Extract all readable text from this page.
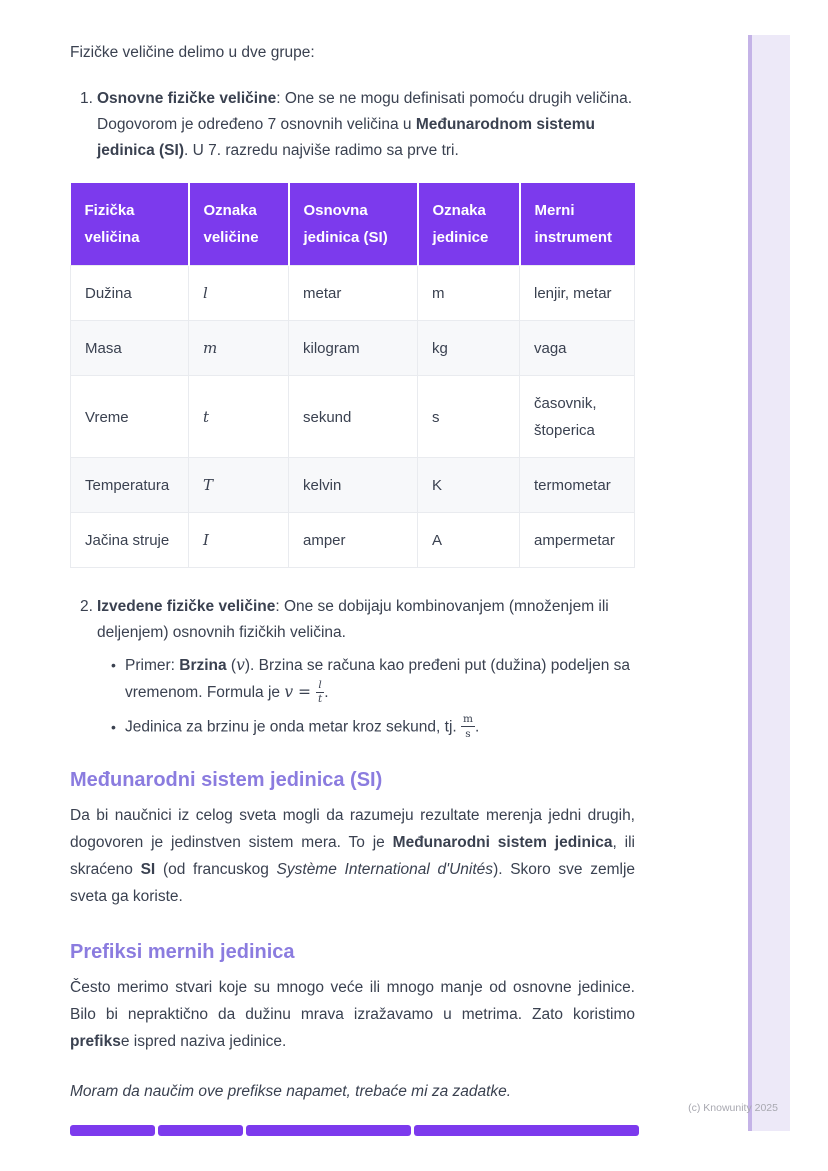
Fizičke veličine delimo u dve grupe:

1. Osnovne fizičke veličine: One se ne mogu definisati pomoću drugih veličina. Dogovorom je određeno 7 osnovnih veličina u Međunarodnom sistemu jedinica (SI). U 7. razredu najviše radimo sa prve tri.
Fizička veličina	Oznaka veličine	Osnovna jedinica (SI)	Oznaka jedinice	Merni instrument
Dužina	l	metar	m	lenjir, metar
Masa	m	kilogram	kg	vaga
Vreme	t	sekund	s	časovnik, štoperica
Temperatura	T	kelvin	K	termometar
Jačina struje	I	amper	A	ampermetar
2. Izvedene fizičke veličine: One se dobijaju kombinovanjem (množenjem ili deljenjem) osnovnih fizičkih veličina.
• Primer: Brzina (v). Brzina se računa kao pređeni put (dužina) podeljen sa vremenom. Formula je $v = \frac{l}{t}$ .
• Jedinica za brzinu je onda metar kroz sekund, tj. $\frac{m}{s}$ .
Međunarodni sistem jedinica (SI)

Da bi naučnici iz celog sveta mogli da razumeju rezultate merenja jedni drugih, dogovoren je jedinstven sistem mera. To je Međunarodni sistem jedinica, ili skraćeno SI (od francuskog Système International d'Unités). Skoro sve zemlje sveta ga koriste.

Prefiksi mernih jedinica

Često merimo stvari koje su mnogo veće ili mnogo manje od osnovne jedinice. Bilo bi nepraktično da dužinu mrava izražavamo u metrima. Zato koristimo prefikse ispred naziva jedinice.

Moram da naučim ove prefikse napamet, trebaće mi za zadatke.

(c) Knowunity 2025
